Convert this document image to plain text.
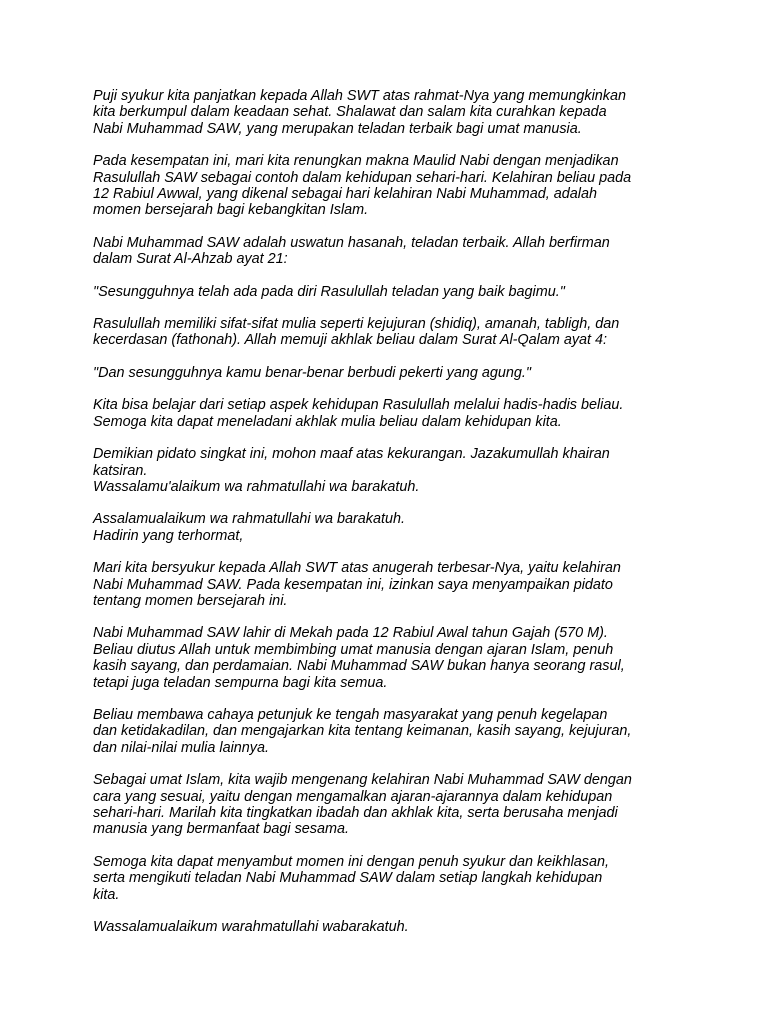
Puji syukur kita panjatkan kepada Allah SWT atas rahmat-Nya yang memungkinkan
kita berkumpul dalam keadaan sehat. Shalawat dan salam kita curahkan kepada
Nabi Muhammad SAW, yang merupakan teladan terbaik bagi umat manusia.
Pada kesempatan ini, mari kita renungkan makna Maulid Nabi dengan menjadikan
Rasulullah SAW sebagai contoh dalam kehidupan sehari-hari. Kelahiran beliau pada
12 Rabiul Awwal, yang dikenal sebagai hari kelahiran Nabi Muhammad, adalah
momen bersejarah bagi kebangkitan Islam.
Nabi Muhammad SAW adalah uswatun hasanah, teladan terbaik. Allah berfirman
dalam Surat Al-Ahzab ayat 21:
"Sesungguhnya telah ada pada diri Rasulullah teladan yang baik bagimu."
Rasulullah memiliki sifat-sifat mulia seperti kejujuran (shidiq), amanah, tabligh, dan
kecerdasan (fathonah). Allah memuji akhlak beliau dalam Surat Al-Qalam ayat 4:
"Dan sesungguhnya kamu benar-benar berbudi pekerti yang agung."
Kita bisa belajar dari setiap aspek kehidupan Rasulullah melalui hadis-hadis beliau.
Semoga kita dapat meneladani akhlak mulia beliau dalam kehidupan kita.
Demikian pidato singkat ini, mohon maaf atas kekurangan. Jazakumullah khairan
katsiran.
Wassalamu'alaikum wa rahmatullahi wa barakatuh.
Assalamualaikum wa rahmatullahi wa barakatuh.
Hadirin yang terhormat,
Mari kita bersyukur kepada Allah SWT atas anugerah terbesar-Nya, yaitu kelahiran
Nabi Muhammad SAW. Pada kesempatan ini, izinkan saya menyampaikan pidato
tentang momen bersejarah ini.
Nabi Muhammad SAW lahir di Mekah pada 12 Rabiul Awal tahun Gajah (570 M).
Beliau diutus Allah untuk membimbing umat manusia dengan ajaran Islam, penuh
kasih sayang, dan perdamaian. Nabi Muhammad SAW bukan hanya seorang rasul,
tetapi juga teladan sempurna bagi kita semua.
Beliau membawa cahaya petunjuk ke tengah masyarakat yang penuh kegelapan
dan ketidakadilan, dan mengajarkan kita tentang keimanan, kasih sayang, kejujuran,
dan nilai-nilai mulia lainnya.
Sebagai umat Islam, kita wajib mengenang kelahiran Nabi Muhammad SAW dengan
cara yang sesuai, yaitu dengan mengamalkan ajaran-ajarannya dalam kehidupan
sehari-hari. Marilah kita tingkatkan ibadah dan akhlak kita, serta berusaha menjadi
manusia yang bermanfaat bagi sesama.
Semoga kita dapat menyambut momen ini dengan penuh syukur dan keikhlasan,
serta mengikuti teladan Nabi Muhammad SAW dalam setiap langkah kehidupan
kita.
Wassalamualaikum warahmatullahi wabarakatuh.
